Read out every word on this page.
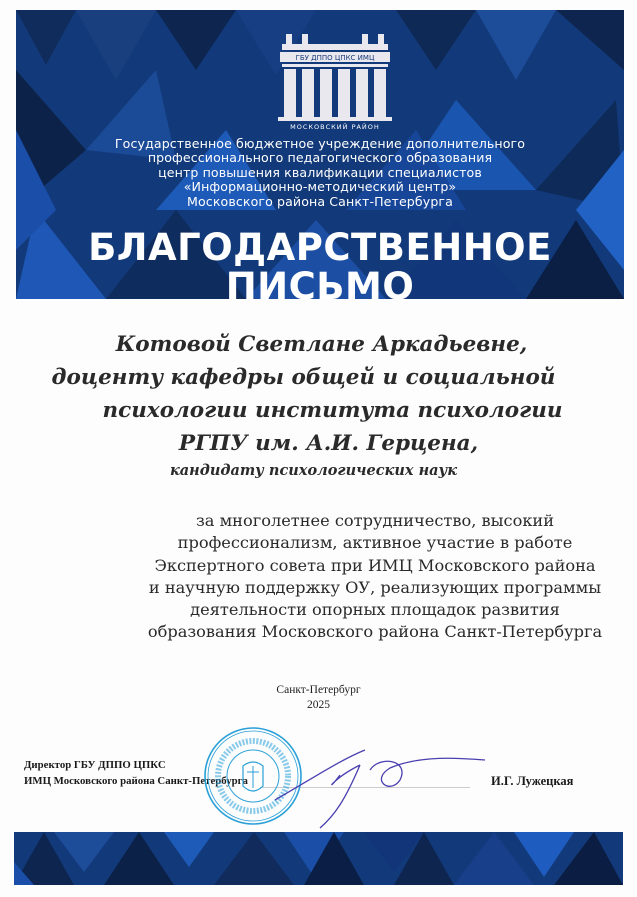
ГБУ ДППО ЦПКС ИМЦ
МОСКОВСКИЙ РАЙОН
Государственное бюджетное учреждение дополнительного
профессионального педагогического образования
центр повышения квалификации специалистов
«Информационно-методический центр»
Московского района Санкт-Петербурга
БЛАГОДАРСТВЕННОЕ
ПИСЬМО
Котовой Светлане Аркадьевне,
доценту кафедры общей и социальной
психологии института психологии
РГПУ им. А.И. Герцена,
кандидату психологических наук
за многолетнее сотрудничество, высокий
профессионализм, активное участие в работе
Экспертного совета при ИМЦ Московского района
и научную поддержку ОУ, реализующих программы
деятельности опорных площадок развития
образования Московского района Санкт-Петербурга
Санкт-Петербург
2025
Директор ГБУ ДППО ЦПКС
ИМЦ Московского района Санкт-Петербурга	И.Г. Лужецкая
